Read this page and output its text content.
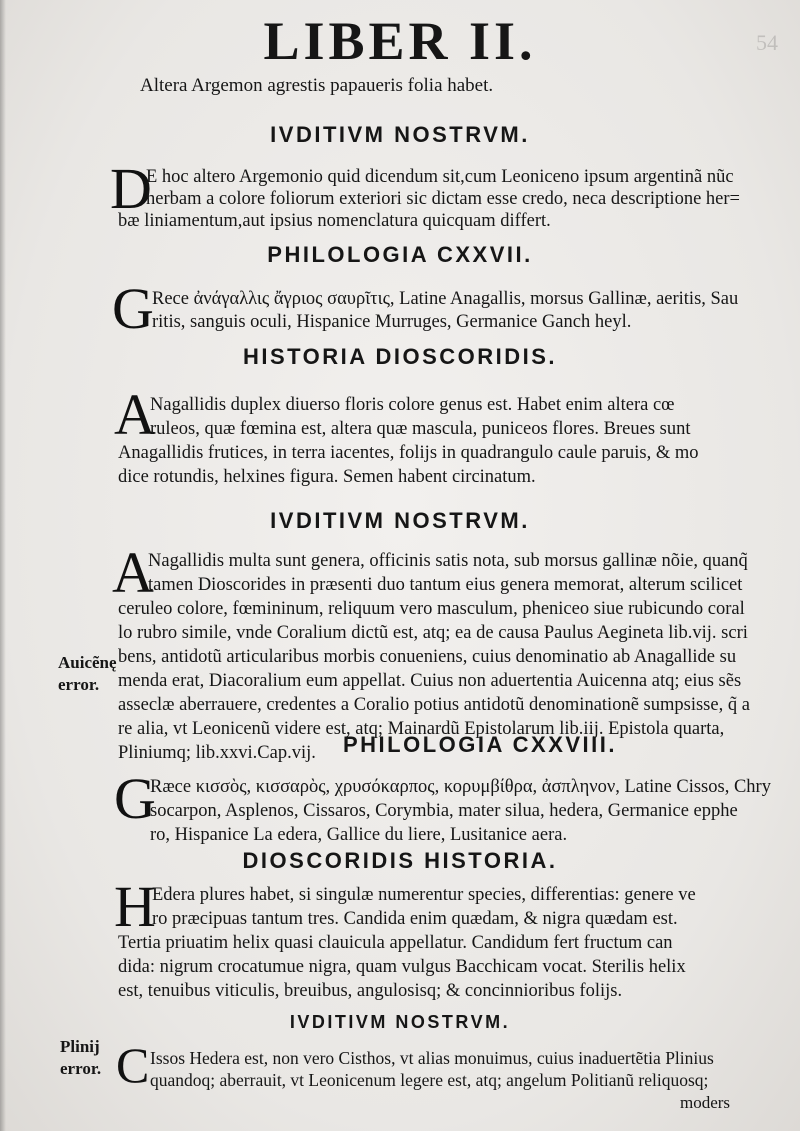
54
LIBER II.
Altera Argemon agrestis papaueris folia habet.
IVDITIVM NOSTRVM.
D
E hoc altero Argemonio quid dicendum sit,cum Leoniceno ipsum argentinã nũc
herbam a colore foliorum exteriori sic dictam esse credo, neca descriptione her=
bæ liniamentum,aut ipsius nomenclatura quicquam differt.
PHILOLOGIA CXXVII.
G
Rece ἀνάγαλλις ἄγριος σαυρῖτις, Latine Anagallis, morsus Gallinæ, aeritis, Sau
ritis, sanguis oculi, Hispanice Murruges, Germanice Ganch heyl.
HISTORIA DIOSCORIDIS.
A
Nagallidis duplex diuerso floris colore genus est. Habet enim altera cœ
ruleos, quæ fœmina est, altera quæ mascula, puniceos flores. Breues sunt
Anagallidis frutices, in terra iacentes, folijs in quadrangulo caule paruis, & mo
dice rotundis, helxines figura. Semen habent circinatum.
IVDITIVM NOSTRVM.
A
Nagallidis multa sunt genera, officinis satis nota, sub morsus gallinæ nõie, quanq̃
tamen Dioscorides in præsenti duo tantum eius genera memorat, alterum scilicet
ceruleo colore, fœmininum, reliquum vero masculum, pheniceo siue rubicundo coral
lo rubro simile, vnde Coralium dictũ est, atq; ea de causa Paulus Aegineta lib.vij. scri
bens, antidotũ articularibus morbis conueniens, cuius denominatio ab Anagallide su
menda erat, Diacoralium eum appellat. Cuius non aduertentia Auicenna atq; eius sẽs
asseclæ aberrauere, credentes a Coralio potius antidotũ denominationẽ sumpsisse, q̃ a
re alia, vt Leonicenũ videre est, atq; Mainardũ Epistolarum lib.iij. Epistola quarta,
Pliniumq; lib.xxvi.Cap.vij.
Auicẽnę
error.
PHILOLOGIA CXXVIII.
G
Ræce κισσὸς, κισσαρὸς, χρυσόκαρπος, κορυμβίθρα, ἀσπληνον, Latine Cissos, Chry
socarpon, Asplenos, Cissaros, Corymbia, mater silua, hedera, Germanice epphe
ro, Hispanice La edera, Gallice du liere, Lusitanice aera.
DIOSCORIDIS HISTORIA.
H
Edera plures habet, si singulæ numerentur species, differentias: genere ve
ro præcipuas tantum tres. Candida enim quædam, & nigra quædam est.
Tertia priuatim helix quasi clauicula appellatur. Candidum fert fructum can
dida: nigrum crocatumue nigra, quam vulgus Bacchicam vocat. Sterilis helix
est, tenuibus viticulis, breuibus, angulosisq; & concinnioribus folijs.
IVDITIVM NOSTRVM.
C Issos Hedera est, non vero Cisthos, vt alias monuimus, cuius inaduertẽtia Plinius
quandoq; aberrauit, vt Leonicenum legere est, atq; angelum Politianũ reliquosq;
moders
Plinij
error.
